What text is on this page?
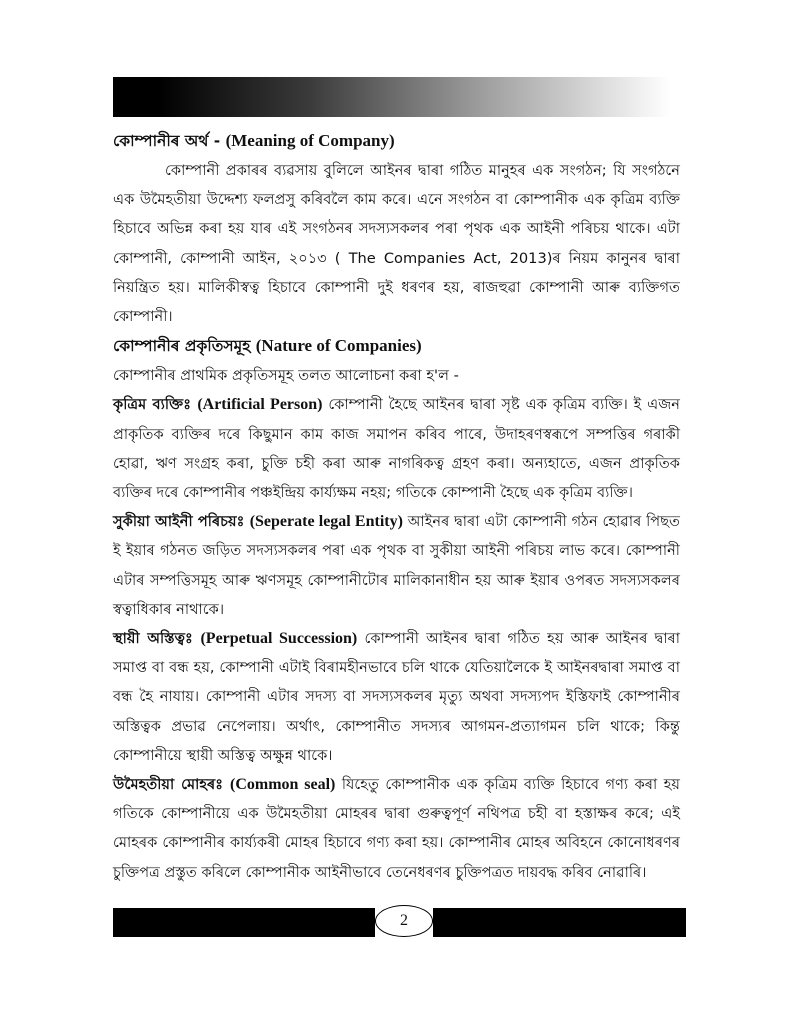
কোম্পানীৰ অৰ্থ - (Meaning of Company)

কোম্পানী প্ৰকাৰৰ ব্যৱসায় বুলিলে আইনৰ দ্বাৰা গঠিত মানুহৰ এক সংগঠন; যি সংগঠনে এক উমৈহতীয়া উদ্দেশ্য ফলপ্ৰসু কৰিবলৈ কাম কৰে। এনে সংগঠন বা কোম্পানীক এক কৃত্ৰিম ব্যক্তি হিচাবে অভিন্ন কৰা হয় যাৰ এই সংগঠনৰ সদস্যসকলৰ পৰা পৃথক এক আইনী পৰিচয় থাকে। এটা কোম্পানী, কোম্পানী আইন, ২০১৩ ( The Companies Act, 2013)ৰ নিয়ম কানুনৰ দ্বাৰা নিয়ন্ত্ৰিত হয়। মালিকীস্বত্ব হিচাবে কোম্পানী দুই ধৰণৰ হয়, ৰাজহুৱা কোম্পানী আৰু ব্যক্তিগত কোম্পানী।

কোম্পানীৰ প্ৰকৃতিসমূহ (Nature of Companies)

কোম্পানীৰ প্ৰাথমিক প্ৰকৃতিসমূহ তলত আলোচনা কৰা হ'ল -

কৃত্ৰিম ব্যক্তিঃ (Artificial Person) কোম্পানী হৈছে আইনৰ দ্বাৰা সৃষ্ট এক কৃত্ৰিম ব্যক্তি। ই এজন প্ৰাকৃতিক ব্যক্তিৰ দৰে কিছুমান কাম কাজ সমাপন কৰিব পাৰে, উদাহৰণস্বৰূপে সম্পত্তিৰ গৰাকী হোৱা, ঋণ সংগ্ৰহ কৰা, চুক্তি চহী কৰা আৰু নাগৰিকত্ব গ্ৰহণ কৰা। অন্যহাতে, এজন প্ৰাকৃতিক ব্যক্তিৰ দৰে কোম্পানীৰ পঞ্চইন্দ্ৰিয় কাৰ্য্যক্ষম নহয়; গতিকে কোম্পানী হৈছে এক কৃত্ৰিম ব্যক্তি।

সুকীয়া আইনী পৰিচয়ঃ (Seperate legal Entity) আইনৰ দ্বাৰা এটা কোম্পানী গঠন হোৱাৰ পিছত ই ইয়াৰ গঠনত জড়িত সদস্যসকলৰ পৰা এক পৃথক বা সুকীয়া আইনী পৰিচয় লাভ কৰে। কোম্পানী এটাৰ সম্পত্তিসমূহ আৰু ঋণসমূহ কোম্পানীটোৰ মালিকানাধীন হয় আৰু ইয়াৰ ওপৰত সদস্যসকলৰ স্বত্বাধিকাৰ নাথাকে।

স্থায়ী অস্তিত্বঃ (Perpetual Succession) কোম্পানী আইনৰ দ্বাৰা গঠিত হয় আৰু আইনৰ দ্বাৰা সমাপ্ত বা বন্ধ হয়, কোম্পানী এটাই বিৰামহীনভাবে চলি থাকে যেতিয়ালৈকে ই আইনৰদ্বাৰা সমাপ্ত বা বন্ধ হৈ নাযায়। কোম্পানী এটাৰ সদস্য বা সদস্যসকলৰ মৃত্যু অথবা সদস্যপদ ইস্তিফাই কোম্পানীৰ অস্তিত্বক প্ৰভাৱ নেপেলায়। অৰ্থাৎ, কোম্পানীত সদস্যৰ আগমন-প্ৰত্যাগমন চলি থাকে; কিন্তু কোম্পানীয়ে স্থায়ী অস্তিত্ব অক্ষুন্ন থাকে।

উমৈহতীয়া মোহৰঃ (Common seal) যিহেতু কোম্পানীক এক কৃত্ৰিম ব্যক্তি হিচাবে গণ্য কৰা হয় গতিকে কোম্পানীয়ে এক উমৈহতীয়া মোহৰৰ দ্বাৰা গুৰুত্বপূৰ্ণ নথিপত্ৰ চহী বা হস্তাক্ষৰ কৰে; এই মোহৰক কোম্পানীৰ কাৰ্য্যকৰী মোহৰ হিচাবে গণ্য কৰা হয়। কোম্পানীৰ মোহৰ অবিহনে কোনোধৰণৰ চুক্তিপত্ৰ প্ৰস্তুত কৰিলে কোম্পানীক আইনীভাবে তেনেধৰণৰ চুক্তিপত্ৰত দায়বদ্ধ কৰিব নোৱাৰি।

2
